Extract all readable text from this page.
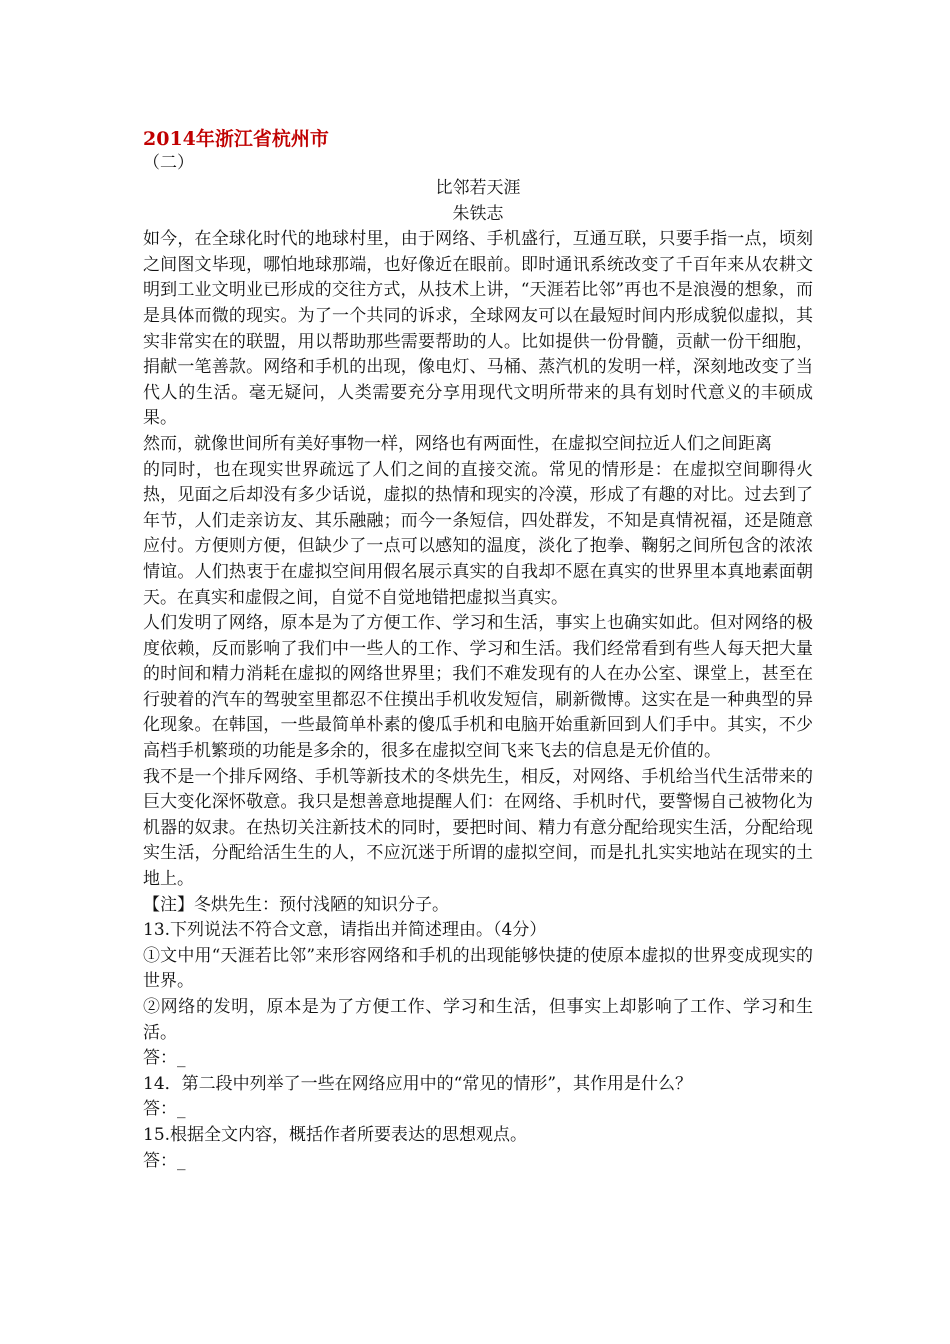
2014年浙江省杭州市
（二）
比邻若天涯
朱铁志

如今，在全球化时代的地球村里，由于网络、手机盛行，互通互联，只要手指一点，顷刻之间图文毕现，哪怕地球那端，也好像近在眼前。即时通讯系统改变了千百年来从农耕文明到工业文明业已形成的交往方式，从技术上讲，“天涯若比邻”再也不是浪漫的想象，而是具体而微的现实。为了一个共同的诉求，全球网友可以在最短时间内形成貌似虚拟，其实非常实在的联盟，用以帮助那些需要帮助的人。比如提供一份骨髓，贡献一份干细胞，捐献一笔善款。网络和手机的出现，像电灯、马桶、蒸汽机的发明一样，深刻地改变了当代人的生活。毫无疑问，人类需要充分享用现代文明所带来的具有划时代意义的丰硕成果。

然而，就像世间所有美好事物一样，网络也有两面性，在虚拟空间拉近人们之间距离

的同时，也在现实世界疏远了人们之间的直接交流。常见的情形是：在虚拟空间聊得火热，见面之后却没有多少话说，虚拟的热情和现实的冷漠，形成了有趣的对比。过去到了年节，人们走亲访友、其乐融融；而今一条短信，四处群发，不知是真情祝福，还是随意应付。方便则方便，但缺少了一点可以感知的温度，淡化了抱拳、鞠躬之间所包含的浓浓情谊。人们热衷于在虚拟空间用假名展示真实的自我却不愿在真实的世界里本真地素面朝天。在真实和虚假之间，自觉不自觉地错把虚拟当真实。

人们发明了网络，原本是为了方便工作、学习和生活，事实上也确实如此。但对网络的极度依赖，反而影响了我们中一些人的工作、学习和生活。我们经常看到有些人每天把大量的时间和精力消耗在虚拟的网络世界里；我们不难发现有的人在办公室、课堂上，甚至在行驶着的汽车的驾驶室里都忍不住摸出手机收发短信，刷新微博。这实在是一种典型的异化现象。在韩国，一些最简单朴素的傻瓜手机和电脑开始重新回到人们手中。其实，不少高档手机繁琐的功能是多余的，很多在虚拟空间飞来飞去的信息是无价值的。

我不是一个排斥网络、手机等新技术的冬烘先生，相反，对网络、手机给当代生活带来的巨大变化深怀敬意。我只是想善意地提醒人们：在网络、手机时代，要警惕自己被物化为机器的奴隶。在热切关注新技术的同时，要把时间、精力有意分配给现实生活，分配给现实生活，分配给活生生的人，不应沉迷于所谓的虚拟空间，而是扎扎实实地站在现实的土地上。

【注】冬烘先生：预付浅陋的知识分子。

13.下列说法不符合文意，请指出并简述理由。（4分）

①文中用“天涯若比邻”来形容网络和手机的出现能够快捷的使原本虚拟的世界变成现实的世界。

②网络的发明，原本是为了方便工作、学习和生活，但事实上却影响了工作、学习和生活。

答：_

14．第二段中列举了一些在网络应用中的“常见的情形”，其作用是什么？

答：_

15.根据全文内容，概括作者所要表达的思想观点。

答：_
